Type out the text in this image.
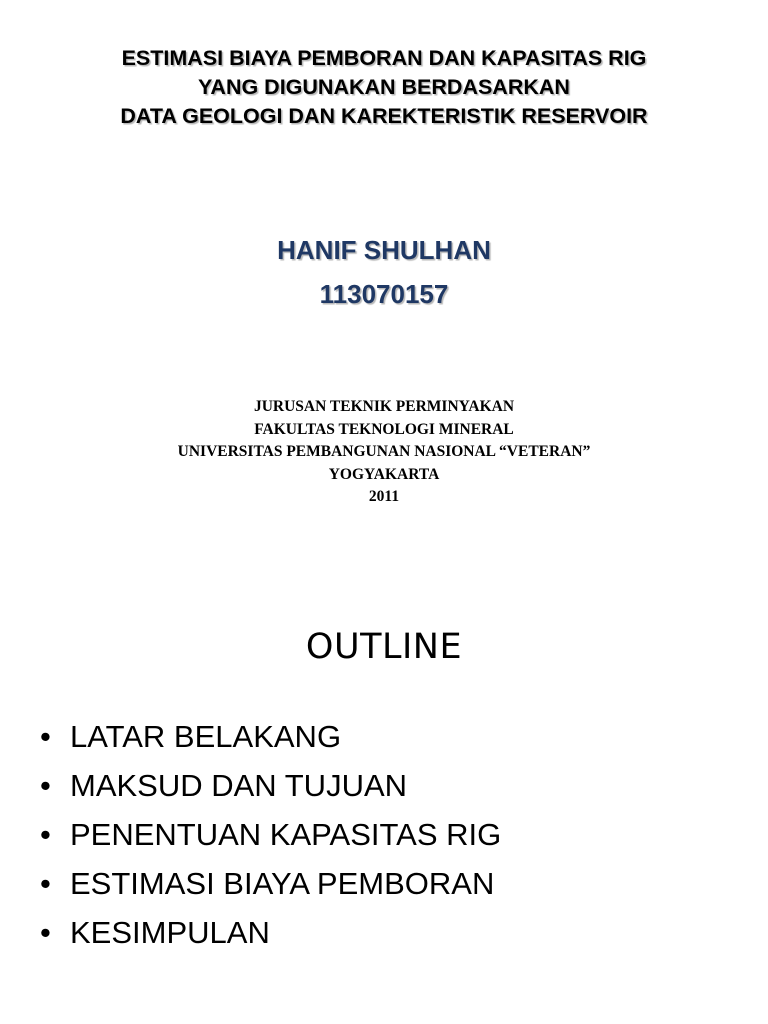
ESTIMASI BIAYA PEMBORAN DAN KAPASITAS RIG
YANG DIGUNAKAN BERDASARKAN
DATA GEOLOGI DAN KAREKTERISTIK RESERVOIR
HANIF SHULHAN
113070157
JURUSAN TEKNIK PERMINYAKAN
FAKULTAS TEKNOLOGI MINERAL
UNIVERSITAS PEMBANGUNAN NASIONAL “VETERAN”
YOGYAKARTA
2011
OUTLINE
• LATAR BELAKANG
• MAKSUD DAN TUJUAN
• PENENTUAN KAPASITAS RIG
• ESTIMASI BIAYA PEMBORAN
• KESIMPULAN
